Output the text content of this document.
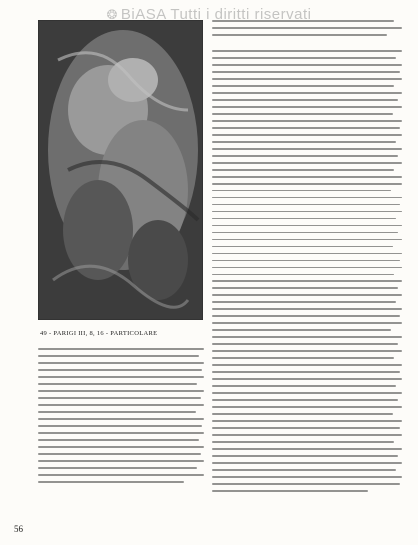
❂ BiASA Tutti i diritti riservati
49 - PARIGI III, 8, 16 - PARTICOLARE
56
